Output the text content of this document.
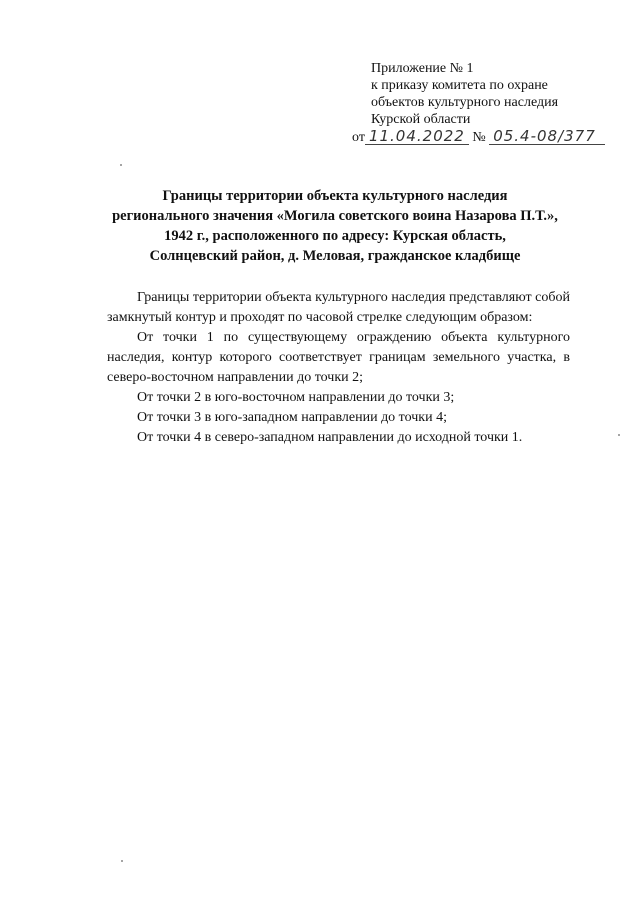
Приложение № 1
к приказу комитета по охране
объектов культурного наследия
Курской области
от 11.04.2022 № 05.4-08/377
Границы территории объекта культурного наследия
регионального значения «Могила советского воина Назарова П.Т.»,
1942 г., расположенного по адресу: Курская область,
Солнцевский район, д. Меловая, гражданское кладбище

Границы территории объекта культурного наследия представляют собой замкнутый контур и проходят по часовой стрелке следующим образом:

От точки 1 по существующему ограждению объекта культурного наследия, контур которого соответствует границам земельного участка, в северо-восточном направлении до точки 2;

От точки 2 в юго-восточном направлении до точки 3;

От точки 3 в юго-западном направлении до точки 4;

От точки 4 в северо-западном направлении до исходной точки 1.
